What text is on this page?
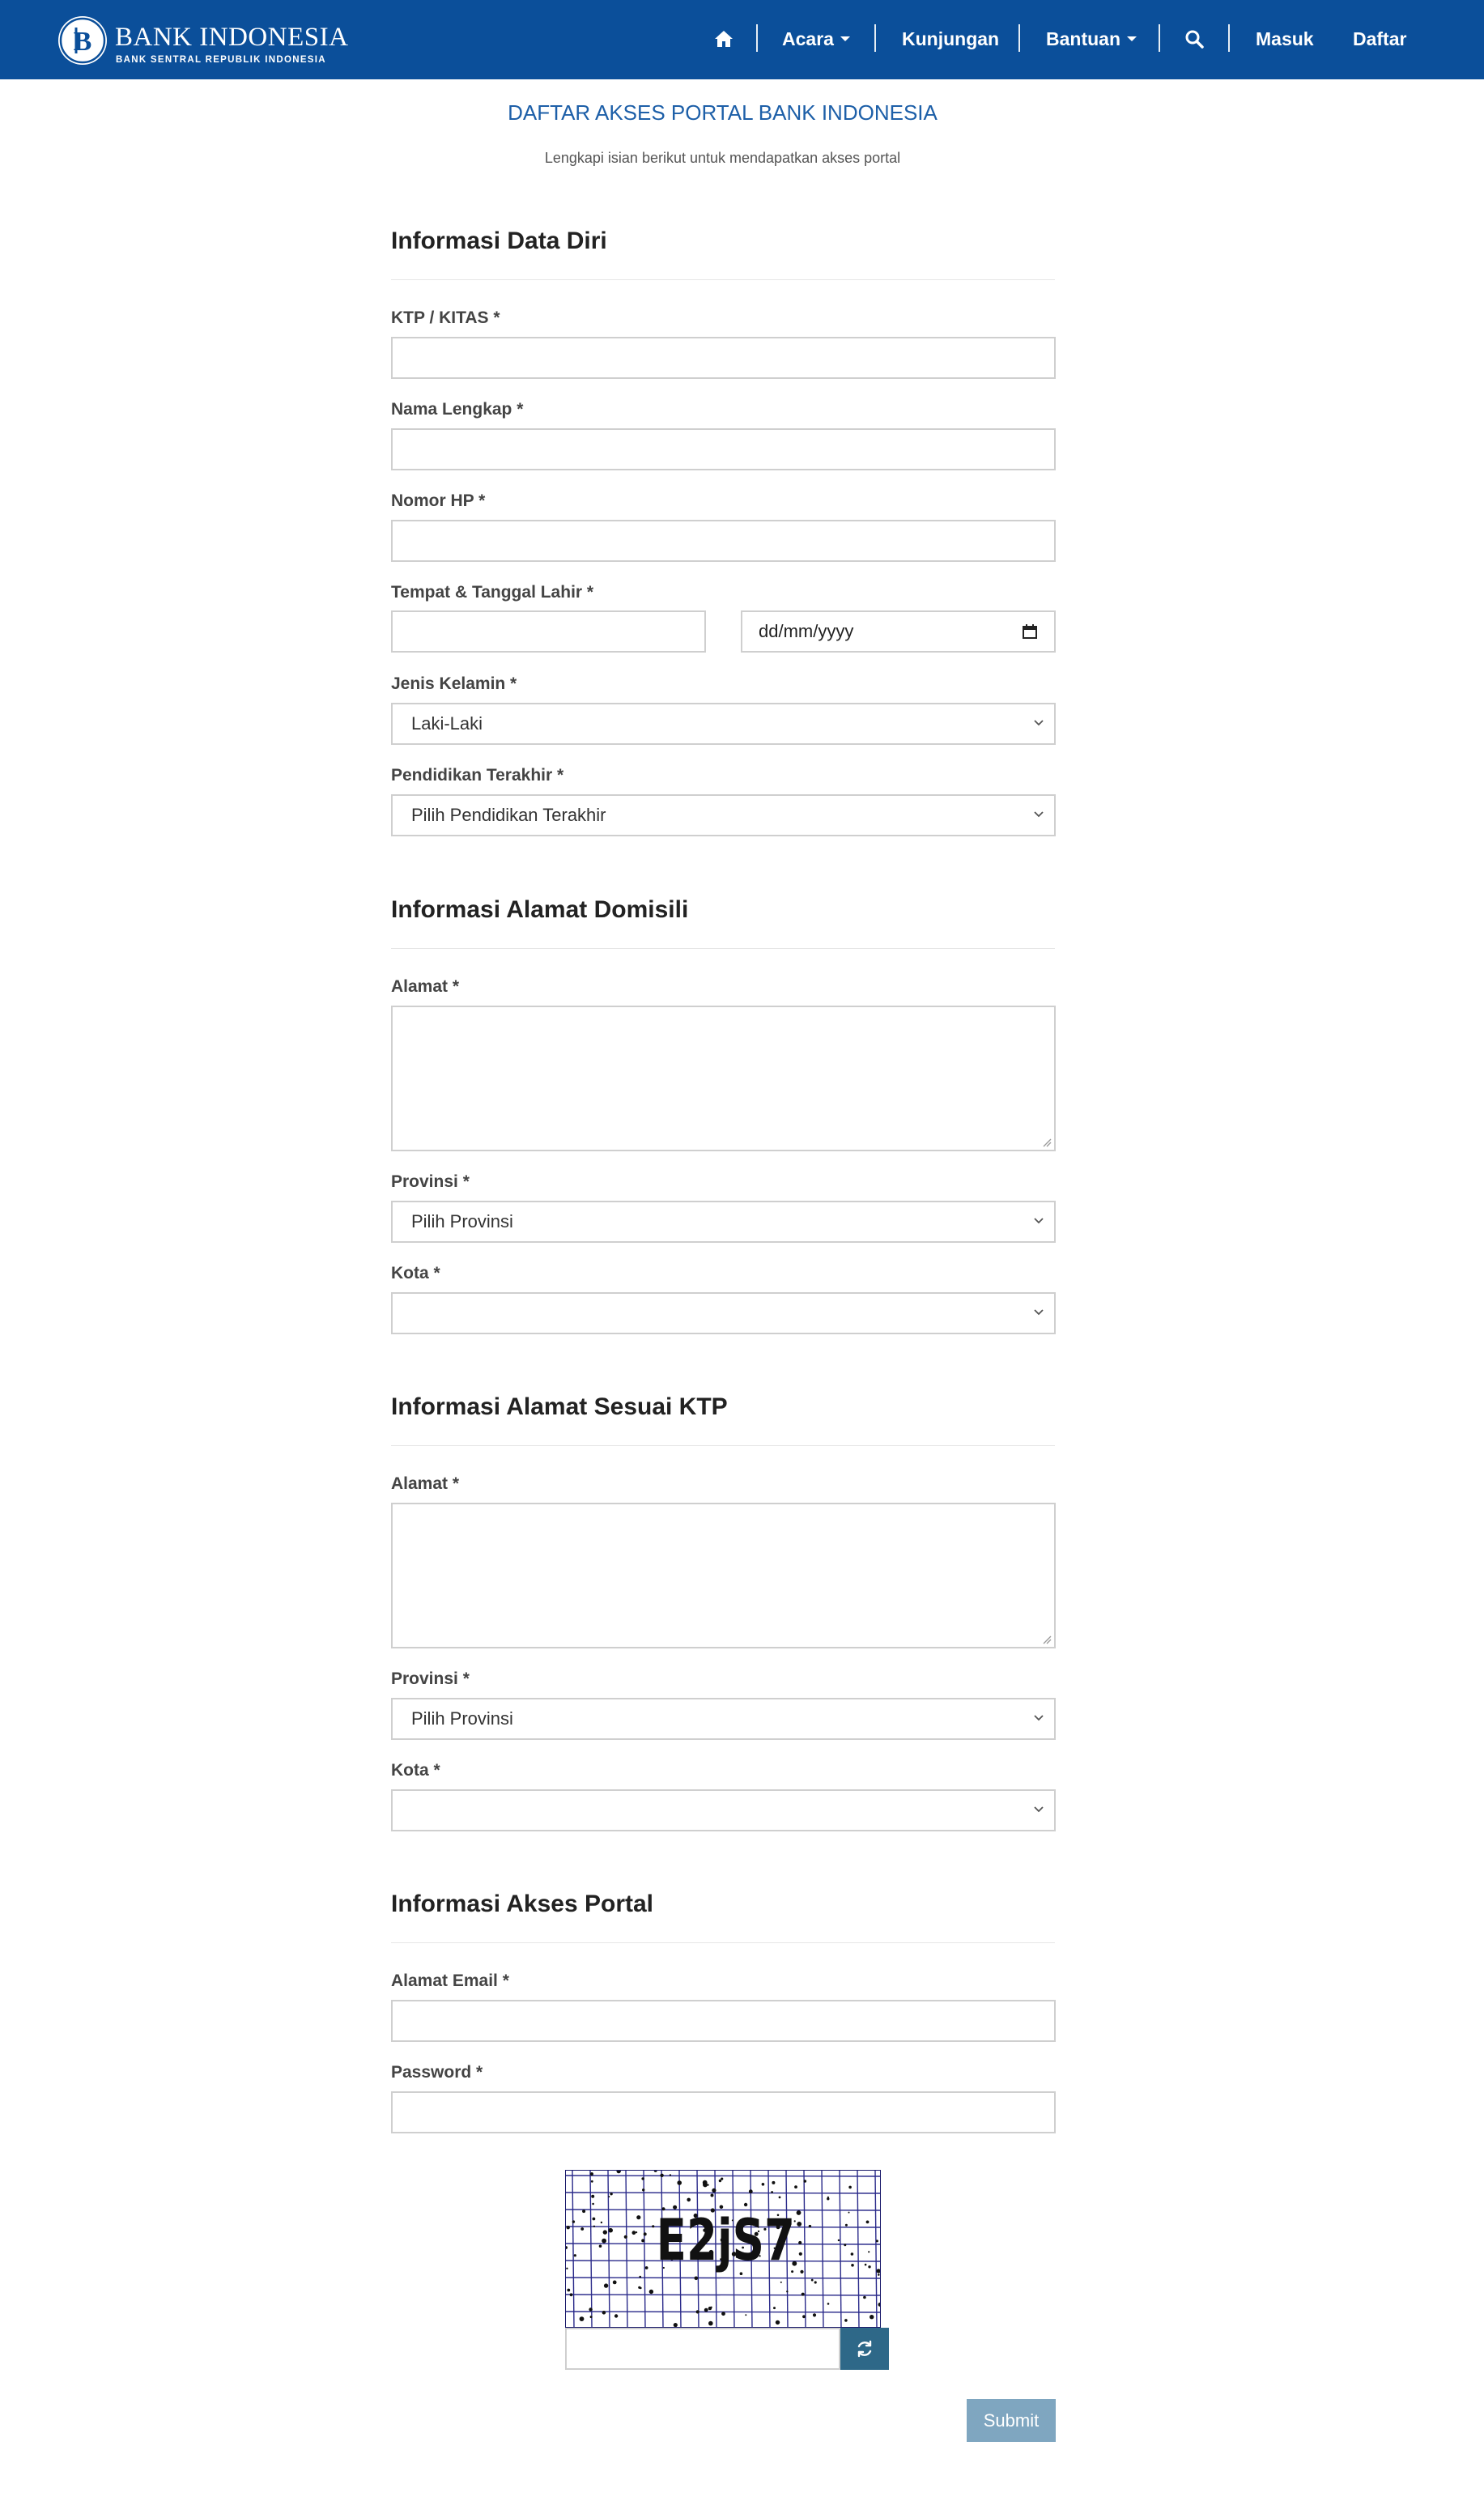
B BANK INDONESIA
BANK SENTRAL REPUBLIK INDONESIA
Acara	Kunjungan	Bantuan	Masuk Daftar
DAFTAR AKSES PORTAL BANK INDONESIA
Lengkapi isian berikut untuk mendapatkan akses portal
Informasi Data Diri
KTP / KITAS *
Nama Lengkap *
Nomor HP *
Tempat & Tanggal Lahir *
dd/mm/yyyy
Jenis Kelamin *
Laki-Laki
Pendidikan Terakhir *
Pilih Pendidikan Terakhir
Informasi Alamat Domisili
Alamat *
Provinsi *
Pilih Provinsi
Kota *
Informasi Alamat Sesuai KTP
Alamat *
Provinsi *
Pilih Provinsi
Kota *
Informasi Akses Portal
Alamat Email *
Password *
E2jS7
Submit
